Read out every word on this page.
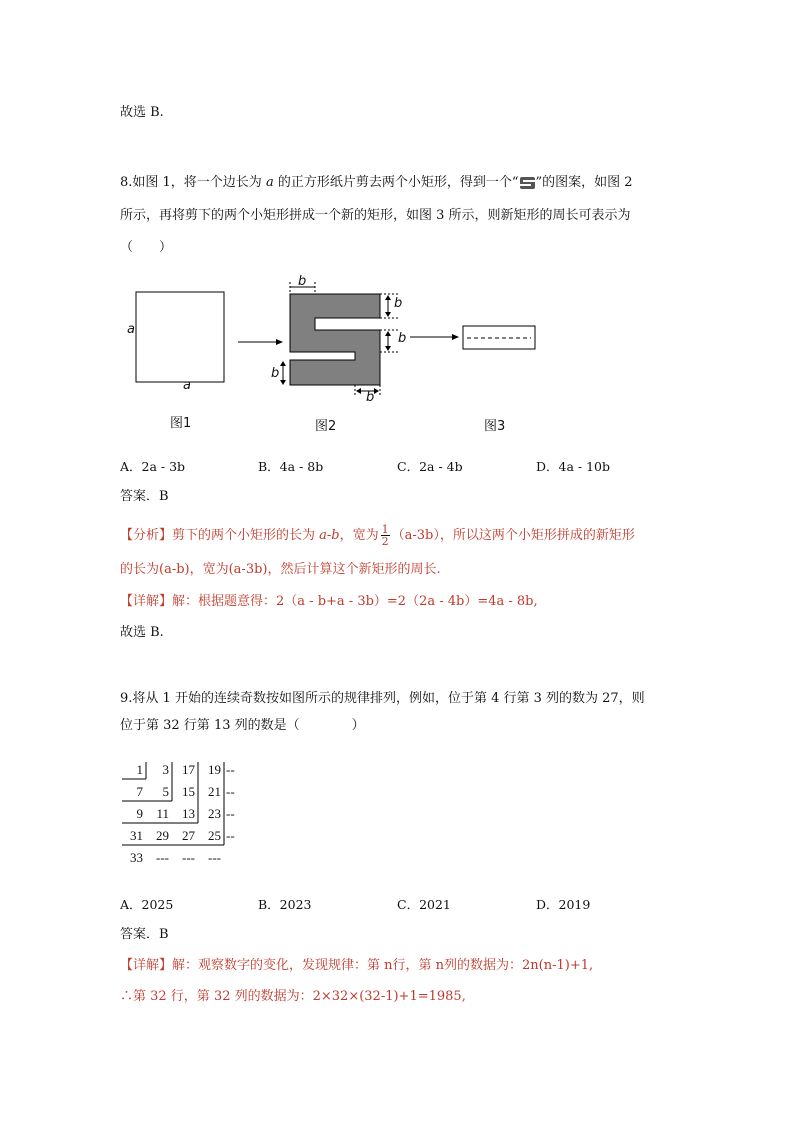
故选 B.
8.如图 1，将一个边长为 a 的正方形纸片剪去两个小矩形，得到一个“ ”的图案，如图 2
所示，再将剪下的两个小矩形拼成一个新的矩形，如图 3 所示，则新矩形的周长可表示为
（　　）
a
a
b
b
b
b
b
图1	图2	图3
A．2a - 3b	B．4a - 8b	C．2a - 4b	D．4a - 10b
答案．B
【分析】剪下的两个小矩形的长为 a-b，宽为 $\frac{1}{2} (a-3b)$，所以这两个小矩形拼成的新矩形
的长为(a-b)，宽为(a-3b)，然后计算这个新矩形的周长.
【详解】解：根据题意得：2（a - b+a - 3b）=2（2a - 4b）=4a - 8b,
故选 B.
9.将从 1 开始的连续奇数按如图所示的规律排列，例如，位于第 4 行第 3 列的数为 27，则
位于第 32 行第 13 列的数是（　　　　）
1	3	17	19 --
7	5	15	21 --
9	11	13	23 --
31	29	27	25 --
33	---	---	---
A．2025	B．2023	C．2021	D．2019
答案．B
【详解】解：观察数字的变化，发现规律：第 n行，第 n列的数据为：2n(n-1)+1,
∴第 32 行，第 32 列的数据为：2×32×(32-1)+1=1985,
